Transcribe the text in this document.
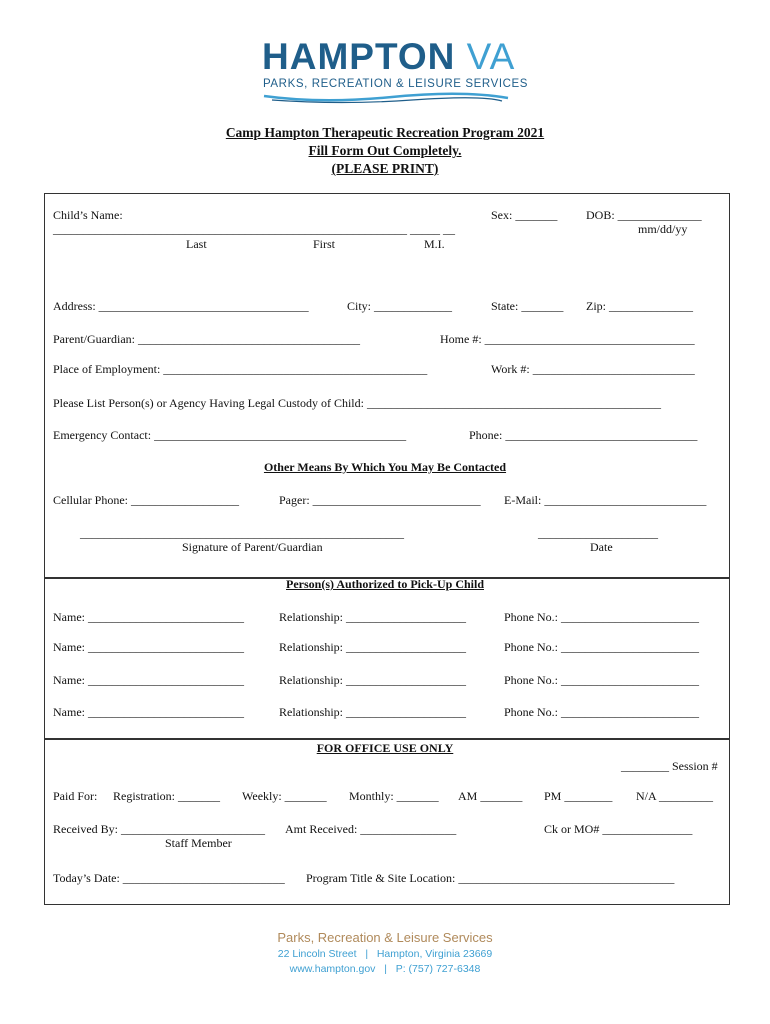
HAMPTON VA
PARKS, RECREATION & LEISURE SERVICES
Camp Hampton Therapeutic Recreation Program 2021
Fill Form Out Completely.
(PLEASE PRINT)
Child’s Name:	Sex: _______ DOB: ______________
___________________________________________________________ _____ __	mm/dd/yy
Last	First	M.I.
Address: ___________________________________	City: _____________	State: _______ Zip: ______________
Parent/Guardian: _____________________________________	Home #: ___________________________________
Place of Employment: ____________________________________________	Work #: ___________________________
Please List Person(s) or Agency Having Legal Custody of Child: _________________________________________________
Emergency Contact: __________________________________________	Phone: ________________________________
Other Means By Which You May Be Contacted
Cellular Phone: __________________	Pager: ____________________________ E-Mail: ___________________________
______________________________________________________	____________________
Signature of Parent/Guardian	Date
Person(s) Authorized to Pick-Up Child
Name: __________________________	Relationship: ____________________	Phone No.: _______________________
Name: __________________________	Relationship: ____________________	Phone No.: _______________________
Name: __________________________	Relationship: ____________________	Phone No.: _______________________
Name: __________________________	Relationship: ____________________	Phone No.: _______________________
FOR OFFICE USE ONLY
________ Session #
Paid For: Registration: _______ Weekly: _______ Monthly: _______ AM _______ PM ________ N/A _________
Received By: ________________________ Amt Received: ________________	Ck or MO# _______________
Staff Member
Today’s Date: ___________________________ Program Title & Site Location: ____________________________________
Parks, Recreation & Leisure Services
22 Lincoln Street | Hampton, Virginia 23669
www.hampton.gov | P: (757) 727-6348
